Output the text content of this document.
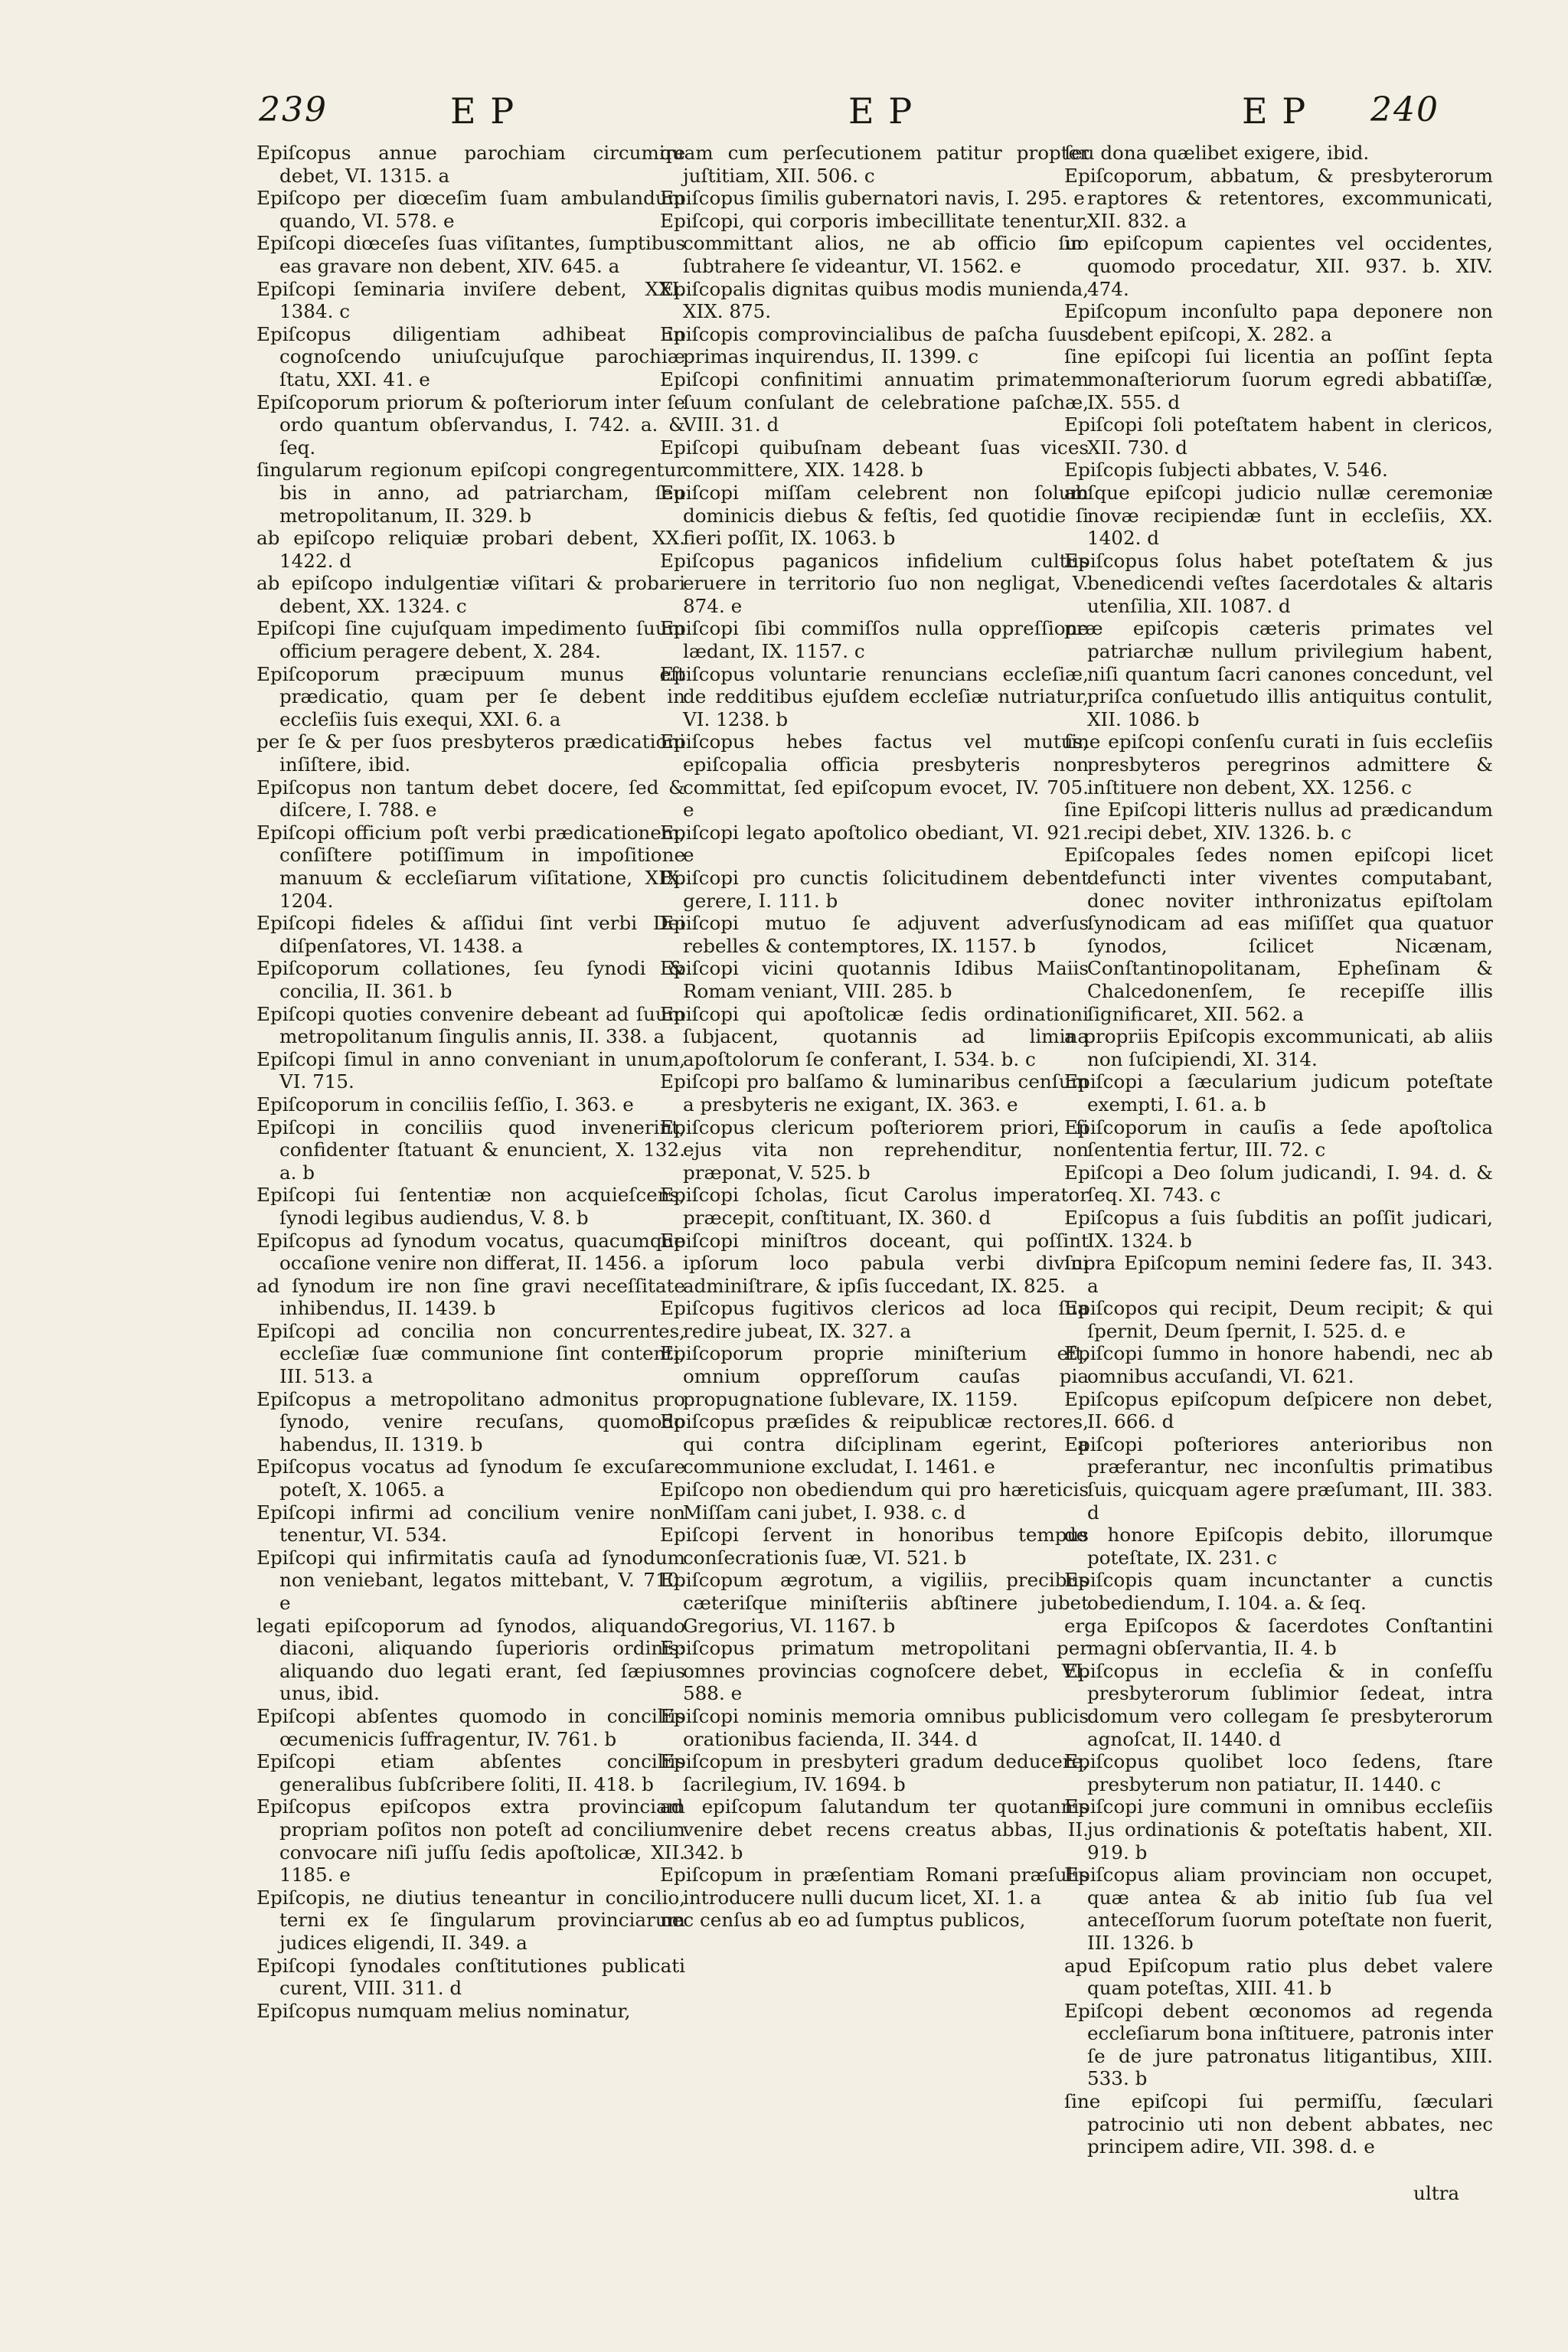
239	E P	E P	E P 240

Epiſcopus annue parochiam circumire debet, VI. 1315. a

Epiſcopo per diœceſim ſuam ambulandum quando, VI. 578. e

Epiſcopi diœceſes ſuas viſitantes, ſumptibus eas gravare non debent, XIV. 645. a

Epiſcopi ſeminaria inviſere debent, XXI. 1384. c

Epiſcopus diligentiam adhibeat in cognoſcendo uniuſcujuſque parochiæ ſtatu, XXI. 41. e

Epiſcoporum priorum & poſteriorum inter ſe ordo quantum obſervandus, I. 742. a. & ſeq.

ſingularum regionum epiſcopi congregentur bis in anno, ad patriarcham, ſeu metropolitanum, II. 329. b

ab epiſcopo reliquiæ probari debent, XX. 1422. d

ab epiſcopo indulgentiæ viſitari & probari debent, XX. 1324. c

Epiſcopi ſine cujuſquam impedimento ſuum officium peragere debent, X. 284.

Epiſcoporum præcipuum munus eſt prædicatio, quam per ſe debent in eccleſiis ſuis exequi, XXI. 6. a

per ſe & per ſuos presbyteros prædicationi inſiſtere, ibid.

Epiſcopus non tantum debet docere, ſed & diſcere, I. 788. e

Epiſcopi officium poſt verbi prædicationem, conſiſtere potiſſimum in impoſitione manuum & eccleſiarum viſitatione, XIX. 1204.

Epiſcopi fideles & aſſidui ſint verbi Dei diſpenſatores, VI. 1438. a

Epiſcoporum collationes, ſeu ſynodi & concilia, II. 361. b

Epiſcopi quoties convenire debeant ad ſuum metropolitanum ſingulis annis, II. 338. a

Epiſcopi ſimul in anno conveniant in unum, VI. 715.

Epiſcoporum in conciliis ſeſſio, I. 363. e

Epiſcopi in conciliis quod invenerint, confidenter ſtatuant & enuncient, X. 132. a. b

Epiſcopi ſui ſententiæ non acquieſcens, ſynodi legibus audiendus, V. 8. b

Epiſcopus ad ſynodum vocatus, quacumque occaſione venire non differat, II. 1456. a

ad ſynodum ire non ſine gravi neceſſitate inhibendus, II. 1439. b

Epiſcopi ad concilia non concurrentes, eccleſiæ ſuæ communione ſint contenti, III. 513. a

Epiſcopus a metropolitano admonitus pro ſynodo, venire recuſans, quomodo habendus, II. 1319. b

Epiſcopus vocatus ad ſynodum ſe excuſare poteſt, X. 1065. a

Epiſcopi infirmi ad concilium venire non tenentur, VI. 534.

Epiſcopi qui infirmitatis cauſa ad ſynodum non veniebant, legatos mittebant, V. 710. e

legati epiſcoporum ad ſynodos, aliquando diaconi, aliquando ſuperioris ordinis: aliquando duo legati erant, ſed ſæpius unus, ibid.

Epiſcopi abſentes quomodo in conciliis œcumenicis ſuffragentur, IV. 761. b

Epiſcopi etiam abſentes conciliis generalibus ſubſcribere ſoliti, II. 418. b

Epiſcopus epiſcopos extra provinciam propriam poſitos non poteſt ad concilium convocare niſi juſſu ſedis apoſtolicæ, XII. 1185. e

Epiſcopis, ne diutius teneantur in concilio, terni ex ſe ſingularum provinciarum judices eligendi, II. 349. a

Epiſcopi ſynodales conſtitutiones publicati curent, VIII. 311. d

Epiſcopus numquam melius nominatur,

quam cum perſecutionem patitur propter juſtitiam, XII. 506. c

Epiſcopus ſimilis gubernatori navis, I. 295. e

Epiſcopi, qui corporis imbecillitate tenentur, committant alios, ne ab officio ſuo ſubtrahere ſe videantur, VI. 1562. e

Epiſcopalis dignitas quibus modis munienda, XIX. 875.

Epiſcopis comprovincialibus de paſcha ſuus primas inquirendus, II. 1399. c

Epiſcopi confinitimi annuatim primatem ſuum conſulant de celebratione paſchæ, VIII. 31. d

Epiſcopi quibuſnam debeant ſuas vices committere, XIX. 1428. b

Epiſcopi miſſam celebrent non ſolum dominicis diebus & feſtis, ſed quotidie ſi fieri poſſit, IX. 1063. b

Epiſcopus paganicos infidelium cultus eruere in territorio ſuo non negligat, V. 874. e

Epiſcopi ſibi commiſſos nulla oppreſſione lædant, IX. 1157. c

Epiſcopus voluntarie renuncians eccleſiæ, de redditibus ejuſdem eccleſiæ nutriatur, VI. 1238. b

Epiſcopus hebes factus vel mutus, epiſcopalia officia presbyteris non committat, ſed epiſcopum evocet, IV. 705. e

Epiſcopi legato apoſtolico obediant, VI. 921. e

Epiſcopi pro cunctis ſolicitudinem debent gerere, I. 111. b

Epiſcopi mutuo ſe adjuvent adverſus rebelles & contemptores, IX. 1157. b

Epiſcopi vicini quotannis Idibus Maiis Romam veniant, VIII. 285. b

Epiſcopi qui apoſtolicæ ſedis ordinationi ſubjacent, quotannis ad limina apoſtolorum ſe conferant, I. 534. b. c

Epiſcopi pro balſamo & luminaribus cenſum a presbyteris ne exigant, IX. 363. e

Epiſcopus clericum poſteriorem priori, ſi ejus vita non reprehenditur, non præponat, V. 525. b

Epiſcopi ſcholas, ſicut Carolus imperator præcepit, conſtituant, IX. 360. d

Epiſcopi miniſtros doceant, qui poſſint ipſorum loco pabula verbi divini adminiſtrare, & ipſis ſuccedant, IX. 825.

Epiſcopus fugitivos clericos ad loca ſua redire jubeat, IX. 327. a

Epiſcoporum proprie miniſterium eſt, omnium oppreſſorum cauſas pia propugnatione ſublevare, IX. 1159.

Epiſcopus præſides & reipublicæ rectores, qui contra diſciplinam egerint, a communione excludat, I. 1461. e

Epiſcopo non obediendum qui pro hæreticis Miſſam cani jubet, I. 938. c. d

Epiſcopi ſervent in honoribus tempus conſecrationis ſuæ, VI. 521. b

Epiſcopum ægrotum, a vigiliis, precibus cæteriſque miniſteriis abſtinere jubet Gregorius, VI. 1167. b

Epiſcopus primatum metropolitani per omnes provincias cognoſcere debet, VI. 588. e

Epiſcopi nominis memoria omnibus publicis orationibus facienda, II. 344. d

Epiſcopum in presbyteri gradum deducere, ſacrilegium, IV. 1694. b

ad epiſcopum ſalutandum ter quotannis venire debet recens creatus abbas, II. 342. b

Epiſcopum in præſentiam Romani præſulis introducere nulli ducum licet, XI. 1. a

nec cenſus ab eo ad ſumptus publicos,

ſeu dona quælibet exigere, ibid.

Epiſcoporum, abbatum, & presbyterorum raptores & retentores, excommunicati, XII. 832. a

in epiſcopum capientes vel occidentes, quomodo procedatur, XII. 937. b. XIV. 474.

Epiſcopum inconſulto papa deponere non debent epiſcopi, X. 282. a

ſine epiſcopi ſui licentia an poſſint ſepta monaſteriorum ſuorum egredi abbatiſſæ, IX. 555. d

Epiſcopi ſoli poteſtatem habent in clericos, XII. 730. d

Epiſcopis ſubjecti abbates, V. 546.

abſque epiſcopi judicio nullæ ceremoniæ novæ recipiendæ ſunt in eccleſiis, XX. 1402. d

Epiſcopus ſolus habet poteſtatem & jus benedicendi veſtes ſacerdotales & altaris utenſilia, XII. 1087. d

præ epiſcopis cæteris primates vel patriarchæ nullum privilegium habent, niſi quantum ſacri canones concedunt, vel priſca conſuetudo illis antiquitus contulit, XII. 1086. b

ſine epiſcopi conſenſu curati in ſuis eccleſiis presbyteros peregrinos admittere & inſtituere non debent, XX. 1256. c

ſine Epiſcopi litteris nullus ad prædicandum recipi debet, XIV. 1326. b. c

Epiſcopales ſedes nomen epiſcopi licet defuncti inter viventes computabant, donec noviter inthronizatus epiſtolam ſynodicam ad eas miſiſſet qua quatuor ſynodos, ſcilicet Nicænam, Conſtantinopolitanam, Epheſinam & Chalcedonenſem, ſe recepiſſe illis ſignificaret, XII. 562. a

a propriis Epiſcopis excommunicati, ab aliis non ſuſcipiendi, XI. 314.

Epiſcopi a ſæcularium judicum poteſtate exempti, I. 61. a. b

Epiſcoporum in cauſis a ſede apoſtolica ſententia fertur, III. 72. c

Epiſcopi a Deo ſolum judicandi, I. 94. d. & ſeq. XI. 743. c

Epiſcopus a ſuis ſubditis an poſſit judicari, IX. 1324. b

ſupra Epiſcopum nemini ſedere fas, II. 343. a

Epiſcopos qui recipit, Deum recipit; & qui ſpernit, Deum ſpernit, I. 525. d. e

Epiſcopi ſummo in honore habendi, nec ab omnibus accuſandi, VI. 621.

Epiſcopus epiſcopum deſpicere non debet, II. 666. d

Epiſcopi poſteriores anterioribus non præferantur, nec inconſultis primatibus ſuis, quicquam agere præſumant, III. 383. d

de honore Epiſcopis debito, illorumque poteſtate, IX. 231. c

Epiſcopis quam incunctanter a cunctis obediendum, I. 104. a. & ſeq.

erga Epiſcopos & ſacerdotes Conſtantini magni obſervantia, II. 4. b

Epiſcopus in eccleſia & in conſeſſu presbyterorum ſublimior ſedeat, intra domum vero collegam ſe presbyterorum agnoſcat, II. 1440. d

Epiſcopus quolibet loco ſedens, ſtare presbyterum non patiatur, II. 1440. c

Epiſcopi jure communi in omnibus eccleſiis jus ordinationis & poteſtatis habent, XII. 919. b

Epiſcopus aliam provinciam non occupet, quæ antea & ab initio ſub ſua vel anteceſſorum ſuorum poteſtate non fuerit, III. 1326. b

apud Epiſcopum ratio plus debet valere quam poteſtas, XIII. 41. b

Epiſcopi debent œconomos ad regenda eccleſiarum bona inſtituere, patronis inter ſe de jure patronatus litigantibus, XIII. 533. b

ſine epiſcopi ſui permiſſu, ſæculari patrocinio uti non debent abbates, nec principem adire, VII. 398. d. e

ultra
